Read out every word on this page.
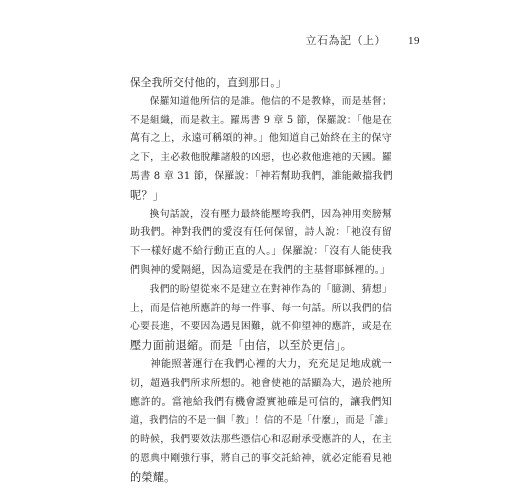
立石為記（上） 19
保全我所交付他的，直到那日。」
保羅知道他所信的是誰。他信的不是教條，而是基督；
不是組織，而是救主。羅馬書 9 章 5 節，保羅說：「他是在
萬有之上，永遠可稱頌的神。」他知道自己始終在主的保守
之下，主必救他脫離諸般的凶惡，也必救他進祂的天國。羅
馬書 8 章 31 節，保羅說：「神若幫助我們，誰能敵擋我們
呢？」
換句話說，沒有壓力最終能壓垮我們，因為神用奕膀幫
助我們。神對我們的愛沒有任何保留，詩人說：「祂沒有留
下一樣好處不給行動正直的人。」保羅說：「沒有人能使我
們與神的愛隔絕，因為這愛是在我們的主基督耶穌裡的。」
我們的盼望從來不是建立在對神作為的「臆測、猜想」
上，而是信祂所應許的每一件事、每一句話。所以我們的信
心要長進，不要因為遇見困難，就不仰望神的應許，或是在
壓力面前退縮。而是「由信，以至於更信」。
神能照著運行在我們心裡的大力，充充足足地成就一
切，超過我們所求所想的。祂會使祂的話顯為大，過於祂所
應許的。當祂給我們有機會證實祂確是可信的，讓我們知
道，我們信的不是一個「教」！信的不是「什麼」，而是「誰」
的時候，我們要效法那些憑信心和忍耐承受應許的人，在主
的恩典中剛強行事，將自己的事交託給神，就必定能看見祂
的榮耀。
